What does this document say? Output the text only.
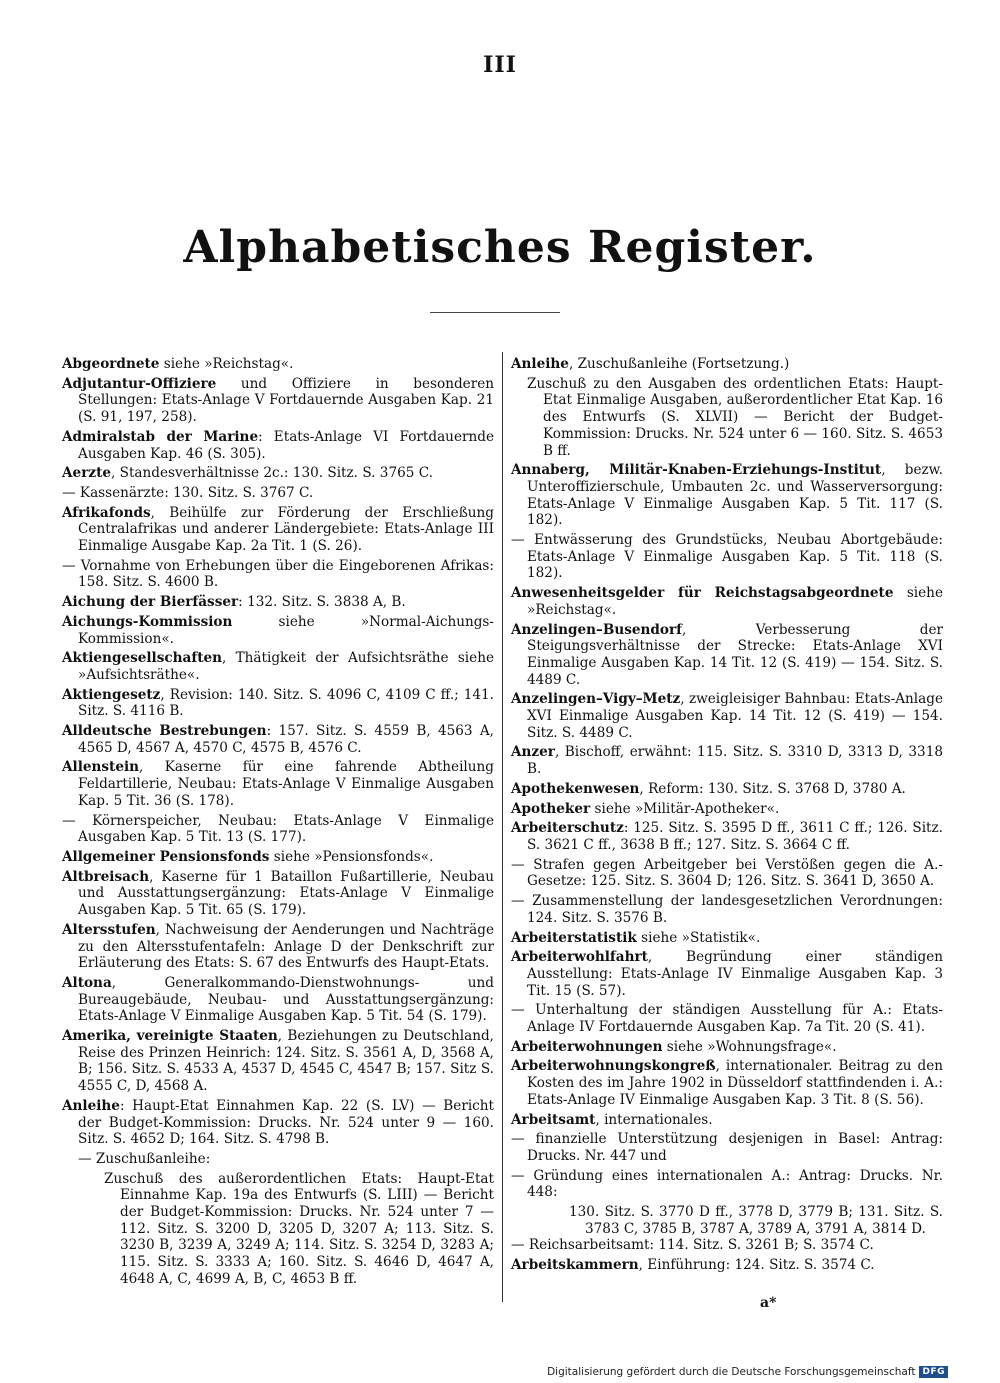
III
Alphabetisches Register.

Abgeordnete siehe »Reichstag«.

Adjutantur-Offiziere und Offiziere in besonderen Stellungen: Etats-Anlage V Fortdauernde Ausgaben Kap. 21 (S. 91, 197, 258).

Admiralstab der Marine: Etats-Anlage VI Fortdauernde Ausgaben Kap. 46 (S. 305).

Aerzte, Standesverhältnisse 2c.: 130. Sitz. S. 3765 C.

— Kassenärzte: 130. Sitz. S. 3767 C.

Afrikafonds, Beihülfe zur Förderung der Erschließung Centralafrikas und anderer Ländergebiete: Etats-Anlage III Einmalige Ausgabe Kap. 2a Tit. 1 (S. 26).

— Vornahme von Erhebungen über die Eingeborenen Afrikas: 158. Sitz. S. 4600 B.

Aichung der Bierfässer: 132. Sitz. S. 3838 A, B.

Aichungs-Kommission siehe »Normal-Aichungs-Kommission«.

Aktiengesellschaften, Thätigkeit der Aufsichtsräthe siehe »Aufsichtsräthe«.

Aktiengesetz, Revision: 140. Sitz. S. 4096 C, 4109 C ff.; 141. Sitz. S. 4116 B.

Alldeutsche Bestrebungen: 157. Sitz. S. 4559 B, 4563 A, 4565 D, 4567 A, 4570 C, 4575 B, 4576 C.

Allenstein, Kaserne für eine fahrende Abtheilung Feldartillerie, Neubau: Etats-Anlage V Einmalige Ausgaben Kap. 5 Tit. 36 (S. 178).

— Körnerspeicher, Neubau: Etats-Anlage V Einmalige Ausgaben Kap. 5 Tit. 13 (S. 177).

Allgemeiner Pensionsfonds siehe »Pensionsfonds«.

Altbreisach, Kaserne für 1 Bataillon Fußartillerie, Neubau und Ausstattungsergänzung: Etats-Anlage V Einmalige Ausgaben Kap. 5 Tit. 65 (S. 179).

Altersstufen, Nachweisung der Aenderungen und Nachträge zu den Altersstufentafeln: Anlage D der Denkschrift zur Erläuterung des Etats: S. 67 des Entwurfs des Haupt-Etats.

Altona, Generalkommando-Dienstwohnungs- und Bureaugebäude, Neubau- und Ausstattungsergänzung: Etats-Anlage V Einmalige Ausgaben Kap. 5 Tit. 54 (S. 179).

Amerika, vereinigte Staaten, Beziehungen zu Deutschland, Reise des Prinzen Heinrich: 124. Sitz. S. 3561 A, D, 3568 A, B; 156. Sitz. S. 4533 A, 4537 D, 4545 C, 4547 B; 157. Sitz S. 4555 C, D, 4568 A.

Anleihe: Haupt-Etat Einnahmen Kap. 22 (S. LV) — Bericht der Budget-Kommission: Drucks. Nr. 524 unter 9 — 160. Sitz. S. 4652 D; 164. Sitz. S. 4798 B.

— Zuschußanleihe:

Zuschuß des außerordentlichen Etats: Haupt-Etat Einnahme Kap. 19a des Entwurfs (S. LIII) — Bericht der Budget-Kommission: Drucks. Nr. 524 unter 7 — 112. Sitz. S. 3200 D, 3205 D, 3207 A; 113. Sitz. S. 3230 B, 3239 A, 3249 A; 114. Sitz. S. 3254 D, 3283 A; 115. Sitz. S. 3333 A; 160. Sitz. S. 4646 D, 4647 A, 4648 A, C, 4699 A, B, C, 4653 B ff.

Anleihe, Zuschußanleihe (Fortsetzung.)

Zuschuß zu den Ausgaben des ordentlichen Etats: Haupt-Etat Einmalige Ausgaben, außerordentlicher Etat Kap. 16 des Entwurfs (S. XLVII) — Bericht der Budget-Kommission: Drucks. Nr. 524 unter 6 — 160. Sitz. S. 4653 B ff.

Annaberg, Militär-Knaben-Erziehungs-Institut, bezw. Unteroffizierschule, Umbauten 2c. und Wasserversorgung: Etats-Anlage V Einmalige Ausgaben Kap. 5 Tit. 117 (S. 182).

— Entwässerung des Grundstücks, Neubau Abortgebäude: Etats-Anlage V Einmalige Ausgaben Kap. 5 Tit. 118 (S. 182).

Anwesenheitsgelder für Reichstagsabgeordnete siehe »Reichstag«.

Anzelingen–Busendorf, Verbesserung der Steigungsverhältnisse der Strecke: Etats-Anlage XVI Einmalige Ausgaben Kap. 14 Tit. 12 (S. 419) — 154. Sitz. S. 4489 C.

Anzelingen–Vigy–Metz, zweigleisiger Bahnbau: Etats-Anlage XVI Einmalige Ausgaben Kap. 14 Tit. 12 (S. 419) — 154. Sitz. S. 4489 C.

Anzer, Bischoff, erwähnt: 115. Sitz. S. 3310 D, 3313 D, 3318 B.

Apothekenwesen, Reform: 130. Sitz. S. 3768 D, 3780 A.

Apotheker siehe »Militär-Apotheker«.

Arbeiterschutz: 125. Sitz. S. 3595 D ff., 3611 C ff.; 126. Sitz. S. 3621 C ff., 3638 B ff.; 127. Sitz. S. 3664 C ff.

— Strafen gegen Arbeitgeber bei Verstößen gegen die A.-Gesetze: 125. Sitz. S. 3604 D; 126. Sitz. S. 3641 D, 3650 A.

— Zusammenstellung der landesgesetzlichen Verordnungen: 124. Sitz. S. 3576 B.

Arbeiterstatistik siehe »Statistik«.

Arbeiterwohlfahrt, Begründung einer ständigen Ausstellung: Etats-Anlage IV Einmalige Ausgaben Kap. 3 Tit. 15 (S. 57).

— Unterhaltung der ständigen Ausstellung für A.: Etats-Anlage IV Fortdauernde Ausgaben Kap. 7a Tit. 20 (S. 41).

Arbeiterwohnungen siehe »Wohnungsfrage«.

Arbeiterwohnungskongreß, internationaler. Beitrag zu den Kosten des im Jahre 1902 in Düsseldorf stattfindenden i. A.: Etats-Anlage IV Einmalige Ausgaben Kap. 3 Tit. 8 (S. 56).

Arbeitsamt, internationales.

— finanzielle Unterstützung desjenigen in Basel: Antrag: Drucks. Nr. 447 und

— Gründung eines internationalen A.: Antrag: Drucks. Nr. 448:

130. Sitz. S. 3770 D ff., 3778 D, 3779 B; 131. Sitz. S. 3783 C, 3785 B, 3787 A, 3789 A, 3791 A, 3814 D.

— Reichsarbeitsamt: 114. Sitz. S. 3261 B; S. 3574 C.

Arbeitskammern, Einführung: 124. Sitz. S. 3574 C.

a*
Digitalisierung gefördert durch die Deutsche Forschungsgemeinschaft DFG
